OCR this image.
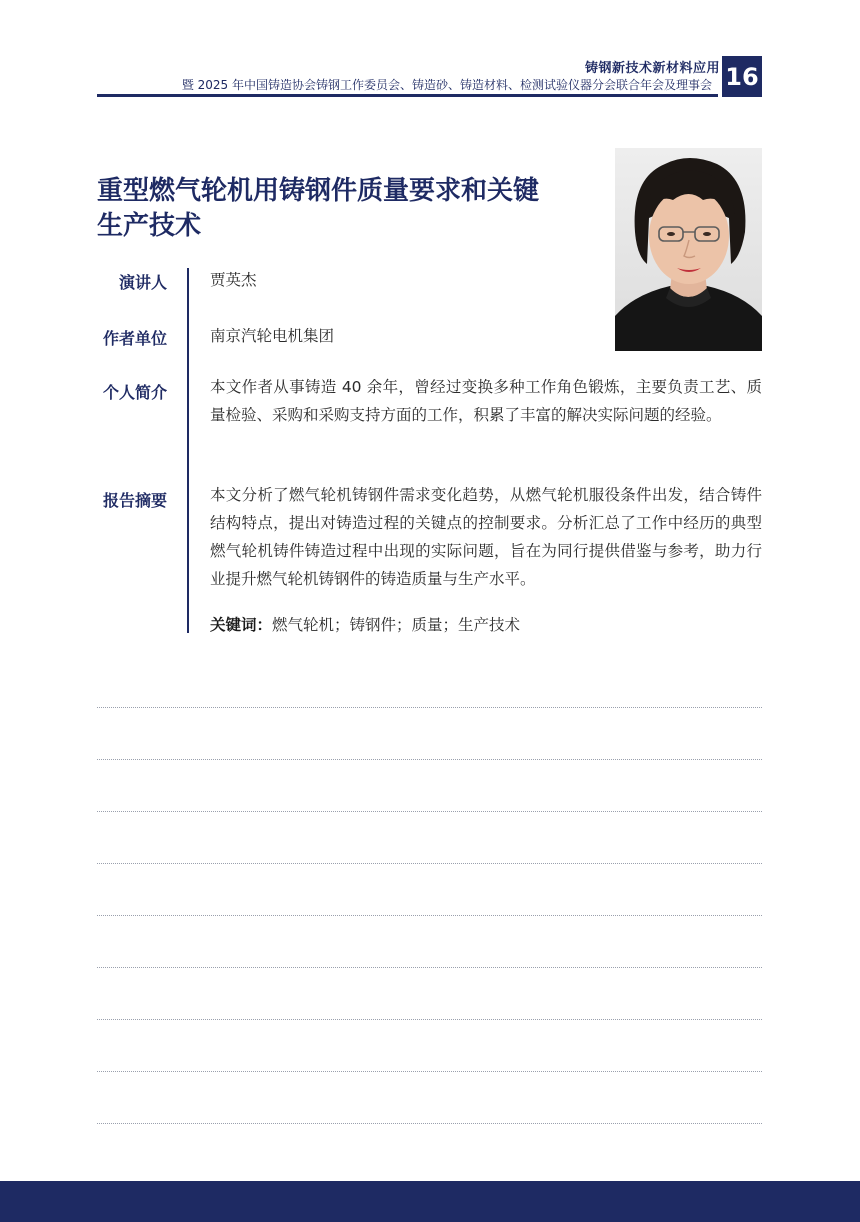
铸钢新技术新材料应用
暨 2025 年中国铸造协会铸钢工作委员会、铸造砂、铸造材料、检测试验仪器分会联合年会及理事会 16
重型燃气轮机用铸钢件质量要求和关键
生产技术
演讲人	贾英杰
作者单位	南京汽轮电机集团
个人简介	本文作者从事铸造 40 余年，曾经过变换多种工作角色锻炼，主要负责工艺、质量检验、采购和采购支持方面的工作，积累了丰富的解决实际问题的经验。
报告摘要	本文分析了燃气轮机铸钢件需求变化趋势，从燃气轮机服役条件出发，结合铸件结构特点，提出对铸造过程的关键点的控制要求。分析汇总了工作中经历的典型燃气轮机铸件铸造过程中出现的实际问题，旨在为同行提供借鉴与参考，助力行业提升燃气轮机铸钢件的铸造质量与生产水平。
关键词：燃气轮机；铸钢件；质量；生产技术
